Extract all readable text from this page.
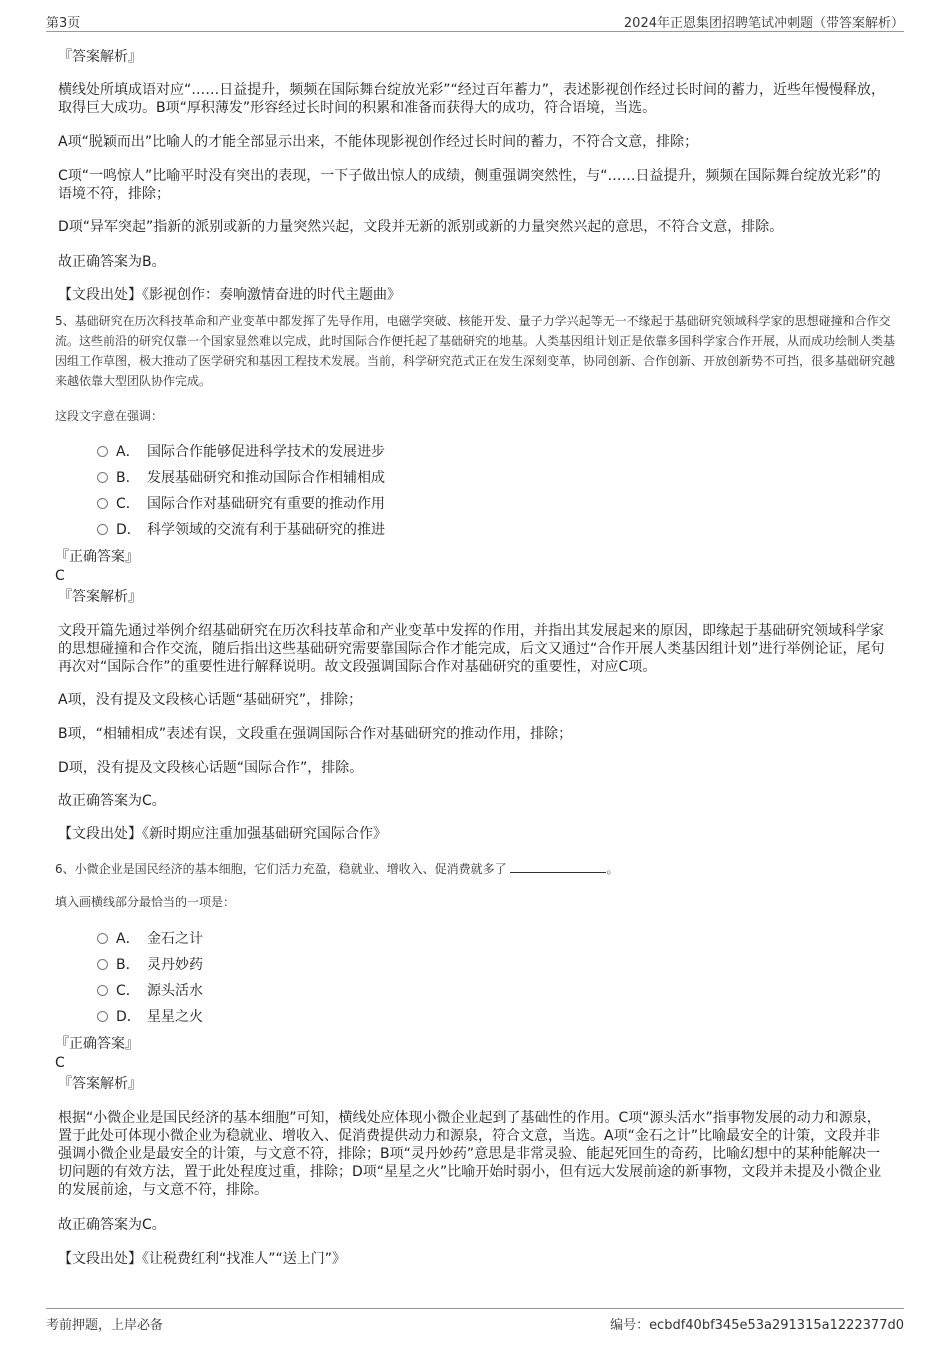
第3页	2024年正恩集团招聘笔试冲刺题（带答案解析）
『答案解析』

横线处所填成语对应“……日益提升，频频在国际舞台绽放光彩”“经过百年蓄力”，表述影视创作经过长时间的蓄力，近些年慢慢释放，取得巨大成功。B项“厚积薄发”形容经过长时间的积累和准备而获得大的成功，符合语境，当选。

A项“脱颖而出”比喻人的才能全部显示出来，不能体现影视创作经过长时间的蓄力，不符合文意，排除；

C项“一鸣惊人”比喻平时没有突出的表现，一下子做出惊人的成绩，侧重强调突然性，与“……日益提升，频频在国际舞台绽放光彩”的语境不符，排除；

D项“异军突起”指新的派别或新的力量突然兴起，文段并无新的派别或新的力量突然兴起的意思，不符合文意，排除。

故正确答案为B。
【文段出处】《影视创作：奏响激情奋进的时代主题曲》

5、基础研究在历次科技革命和产业变革中都发挥了先导作用，电磁学突破、核能开发、量子力学兴起等无一不缘起于基础研究领域科学家的思想碰撞和合作交流。这些前沿的研究仅靠一个国家显然难以完成，此时国际合作便托起了基础研究的地基。人类基因组计划正是依靠多国科学家合作开展，从而成功绘制人类基因组工作草图，极大推动了医学研究和基因工程技术发展。当前，科学研究范式正在发生深刻变革，协同创新、合作创新、开放创新势不可挡，很多基础研究越来越依靠大型团队协作完成。

这段文字意在强调：
A． 国际合作能够促进科学技术的发展进步
B． 发展基础研究和推动国际合作相辅相成
C． 国际合作对基础研究有重要的推动作用
D． 科学领域的交流有利于基础研究的推进
『正确答案』
C
『答案解析』

文段开篇先通过举例介绍基础研究在历次科技革命和产业变革中发挥的作用，并指出其发展起来的原因，即缘起于基础研究领域科学家的思想碰撞和合作交流，随后指出这些基础研究需要靠国际合作才能完成，后文又通过“合作开展人类基因组计划”进行举例论证，尾句再次对“国际合作”的重要性进行解释说明。故文段强调国际合作对基础研究的重要性，对应C项。

A项，没有提及文段核心话题“基础研究”，排除；

B项，“相辅相成”表述有误，文段重在强调国际合作对基础研究的推动作用，排除；

D项，没有提及文段核心话题“国际合作”，排除。

故正确答案为C。
【文段出处】《新时期应注重加强基础研究国际合作》
6、小微企业是国民经济的基本细胞，它们活力充盈，稳就业、增收入、促消费就多了	。
填入画横线部分最恰当的一项是：
A． 金石之计
B． 灵丹妙药
C． 源头活水
D． 星星之火
『正确答案』
C
『答案解析』

根据“小微企业是国民经济的基本细胞”可知，横线处应体现小微企业起到了基础性的作用。C项“源头活水”指事物发展的动力和源泉，置于此处可体现小微企业为稳就业、增收入、促消费提供动力和源泉，符合文意，当选。A项“金石之计”比喻最安全的计策，文段并非强调小微企业是最安全的计策，与文意不符，排除；B项“灵丹妙药”意思是非常灵验、能起死回生的奇药，比喻幻想中的某种能解决一切问题的有效方法，置于此处程度过重，排除；D项“星星之火”比喻开始时弱小，但有远大发展前途的新事物，文段并未提及小微企业的发展前途，与文意不符，排除。

故正确答案为C。
【文段出处】《让税费红利“找准人”“送上门”》
考前押题，上岸必备	编号：ecbdf40bf345e53a291315a1222377d0
